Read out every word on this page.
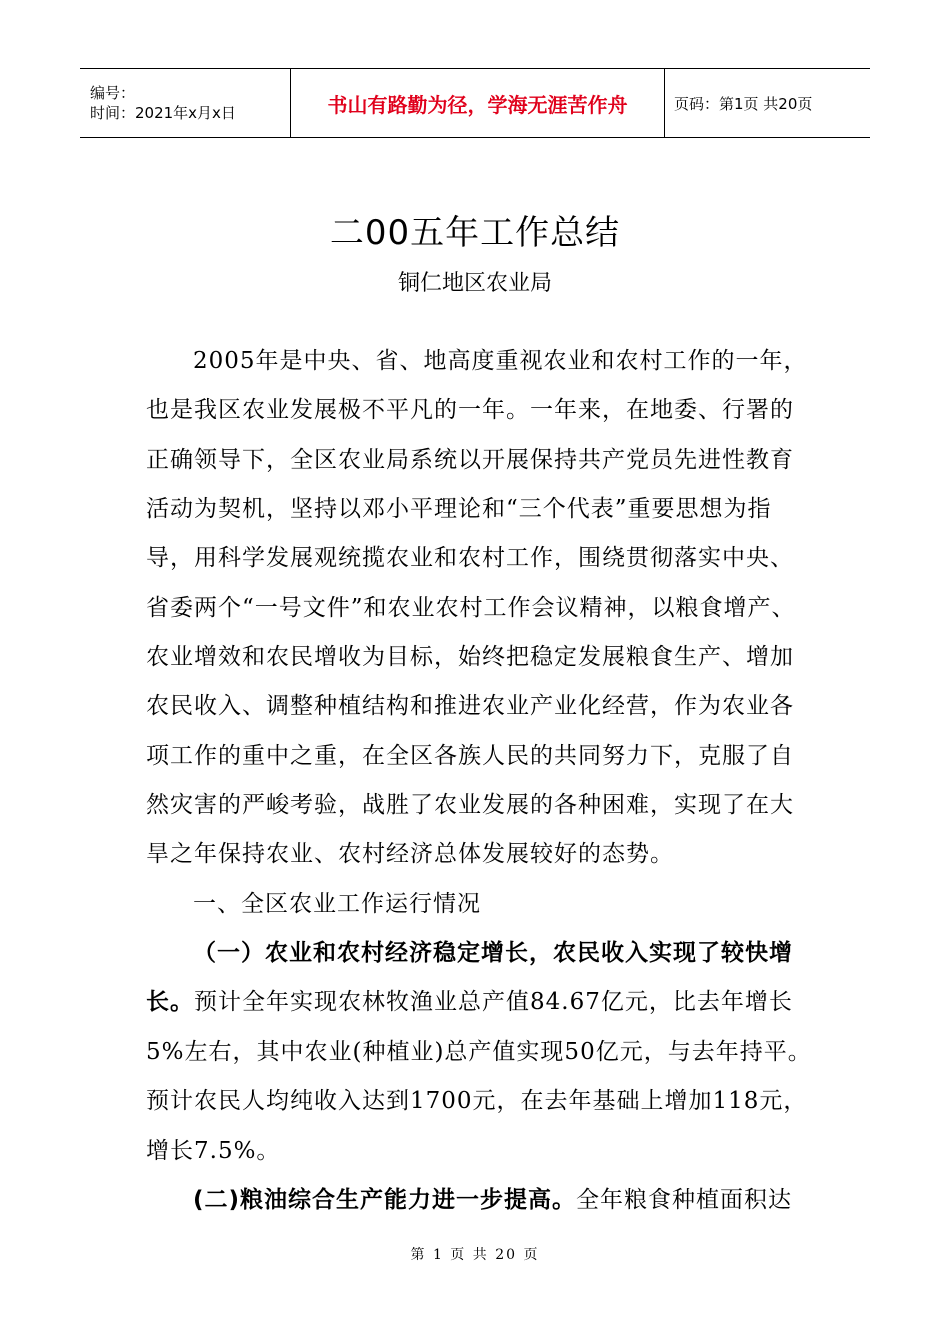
编号：
时间：2021年x月x日	书山有路勤为径，学海无涯苦作舟	页码：第1页 共20页
二00五年工作总结
铜仁地区农业局
2005年是中央、省、地高度重视农业和农村工作的一年，
也是我区农业发展极不平凡的一年。一年来，在地委、行署的
正确领导下，全区农业局系统以开展保持共产党员先进性教育
活动为契机，坚持以邓小平理论和“三个代表”重要思想为指
导，用科学发展观统揽农业和农村工作，围绕贯彻落实中央、
省委两个“一号文件”和农业农村工作会议精神，以粮食增产、
农业增效和农民增收为目标，始终把稳定发展粮食生产、增加
农民收入、调整种植结构和推进农业产业化经营，作为农业各
项工作的重中之重，在全区各族人民的共同努力下，克服了自
然灾害的严峻考验，战胜了农业发展的各种困难，实现了在大
旱之年保持农业、农村经济总体发展较好的态势。
一、全区农业工作运行情况
（一）农业和农村经济稳定增长，农民收入实现了较快增
长。预计全年实现农林牧渔业总产值84.67亿元，比去年增长
5%左右，其中农业(种植业)总产值实现50亿元，与去年持平。
预计农民人均纯收入达到1700元，在去年基础上增加118元，
增长7.5%。
(二)粮油综合生产能力进一步提高。全年粮食种植面积达
第 1 页 共 20 页
